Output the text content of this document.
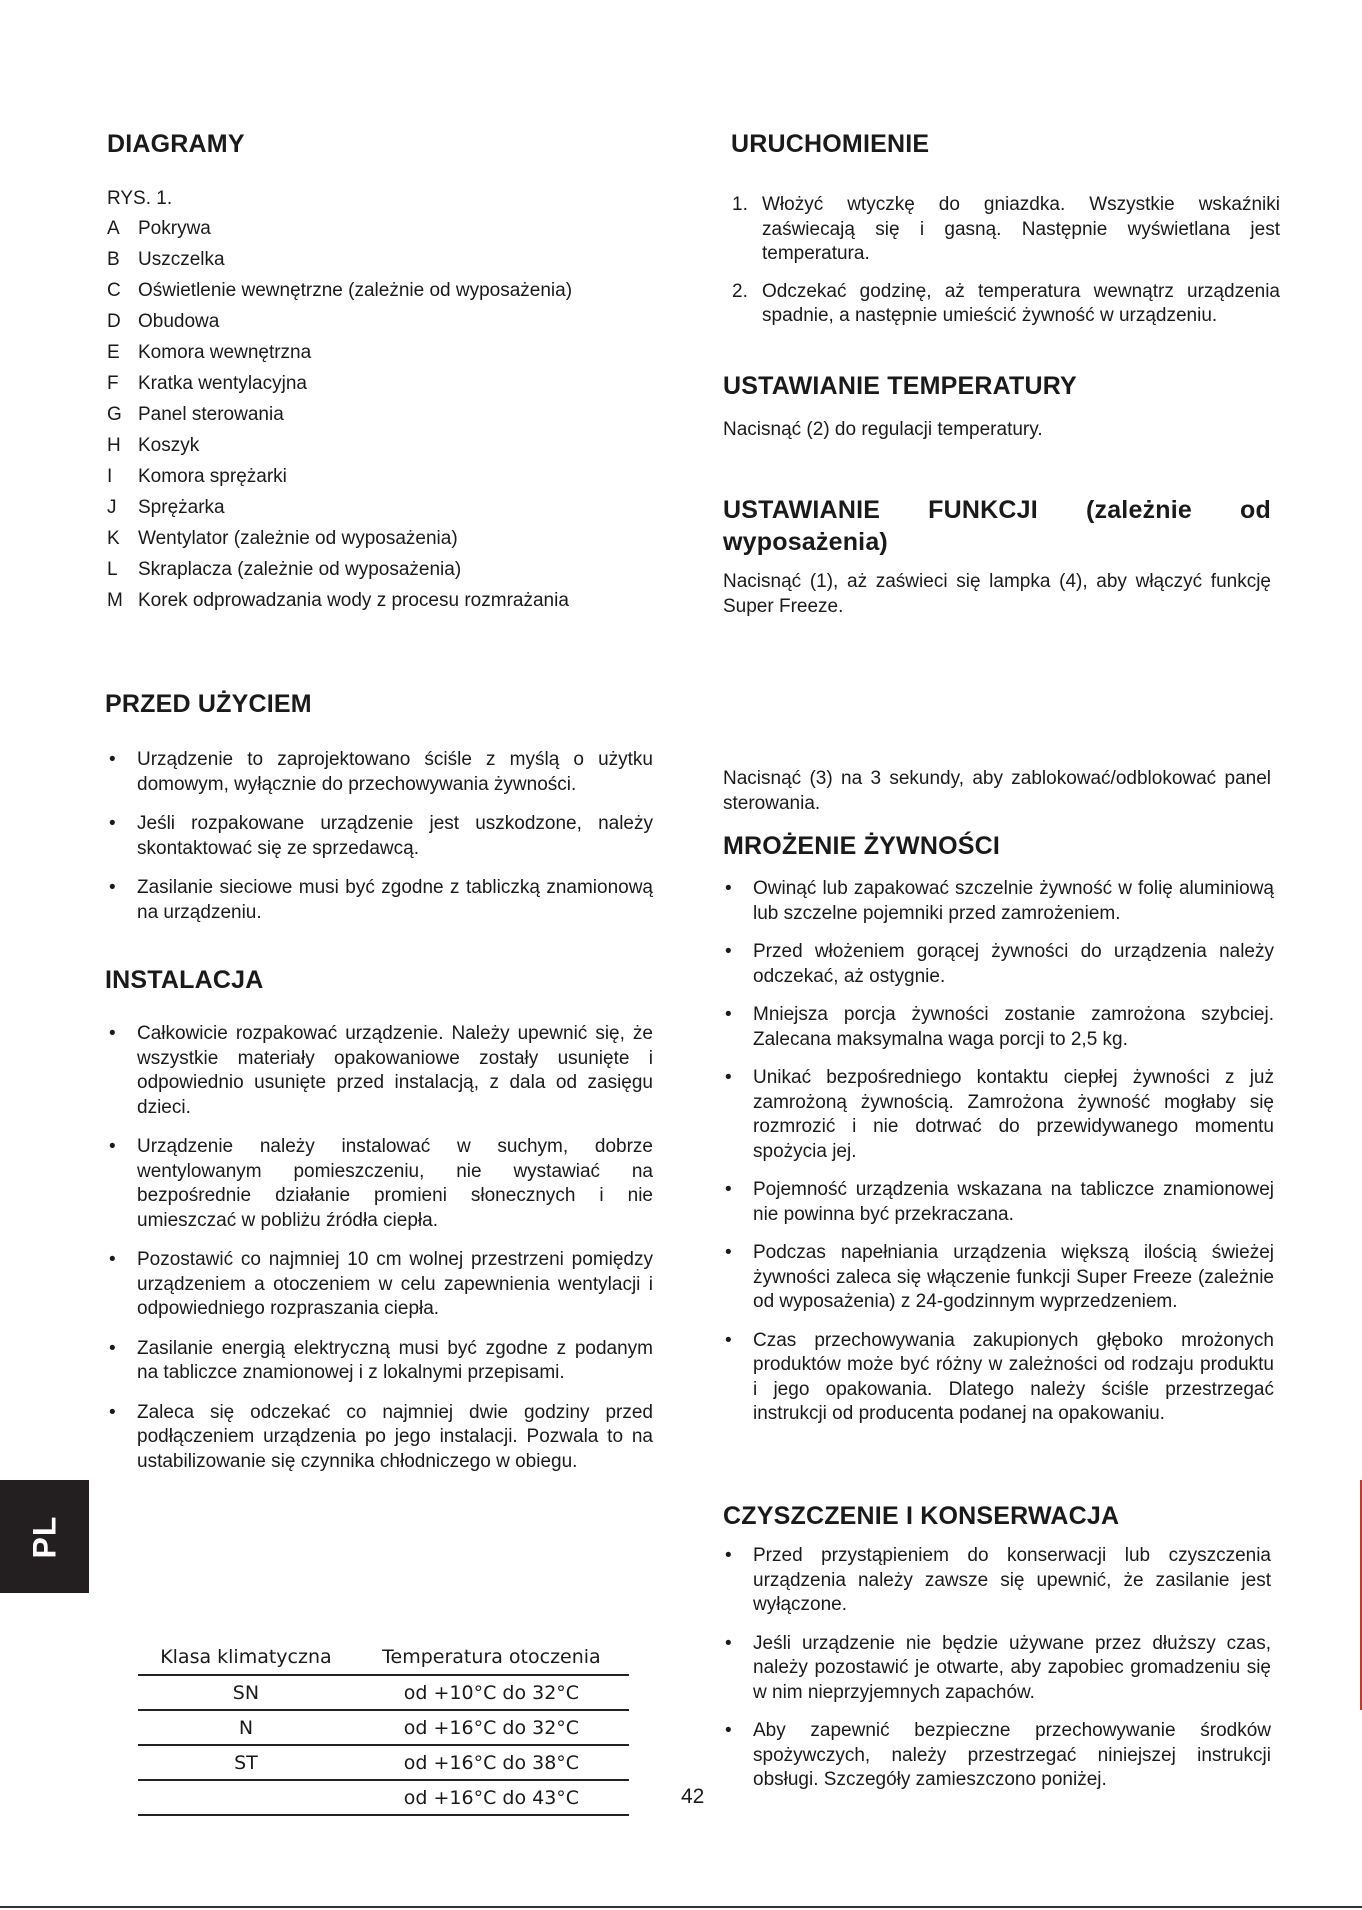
DIAGRAMY
RYS. 1.
A Pokrywa
B Uszczelka
C Oświetlenie wewnętrzne (zależnie od wyposażenia)
D Obudowa
E Komora wewnętrzna
F Kratka wentylacyjna
G Panel sterowania
H Koszyk
I Komora sprężarki
J Sprężarka
K Wentylator (zależnie od wyposażenia)
L Skraplacza (zależnie od wyposażenia)
M Korek odprowadzania wody z procesu rozmrażania
PRZED UŻYCIEM
• Urządzenie to zaprojektowano ściśle z myślą o użytku domowym, wyłącznie do przechowywania żywności.
• Jeśli rozpakowane urządzenie jest uszkodzone, należy skontaktować się ze sprzedawcą.
• Zasilanie sieciowe musi być zgodne z tabliczką znamionową na urządzeniu.
INSTALACJA
• Całkowicie rozpakować urządzenie. Należy upewnić się, że wszystkie materiały opakowaniowe zostały usunięte i odpowiednio usunięte przed instalacją, z dala od zasięgu dzieci.
• Urządzenie należy instalować w suchym, dobrze wentylowanym pomieszczeniu, nie wystawiać na bezpośrednie działanie promieni słonecznych i nie umieszczać w pobliżu źródła ciepła.
• Pozostawić co najmniej 10 cm wolnej przestrzeni pomiędzy urządzeniem a otoczeniem w celu zapewnienia wentylacji i odpowiedniego rozpraszania ciepła.
• Zasilanie energią elektryczną musi być zgodne z podanym na tabliczce znamionowej i z lokalnymi przepisami.
• Zaleca się odczekać co najmniej dwie godziny przed podłączeniem urządzenia po jego instalacji. Pozwala to na ustabilizowanie się czynnika chłodniczego w obiegu.
PL
Klasa klimatyczna	Temperatura otoczenia
SN	od +10°C do 32°C
N	od +16°C do 32°C
ST	od +16°C do 38°C
	od +16°C do 43°C	42
URUCHOMIENIE
1. Włożyć wtyczkę do gniazdka. Wszystkie wskaźniki zaświecają się i gasną. Następnie wyświetlana jest temperatura.
2. Odczekać godzinę, aż temperatura wewnątrz urządzenia spadnie, a następnie umieścić żywność w urządzeniu.
USTAWIANIE TEMPERATURY
Nacisnąć (2) do regulacji temperatury.
USTAWIANIE FUNKCJI (zależnie od wyposażenia)
Nacisnąć (1), aż zaświeci się lampka (4), aby włączyć funkcję Super Freeze.
Nacisnąć (3) na 3 sekundy, aby zablokować/odblokować panel sterowania.
MROŻENIE ŻYWNOŚCI
• Owinąć lub zapakować szczelnie żywność w folię aluminiową lub szczelne pojemniki przed zamrożeniem.
• Przed włożeniem gorącej żywności do urządzenia należy odczekać, aż ostygnie.
• Mniejsza porcja żywności zostanie zamrożona szybciej. Zalecana maksymalna waga porcji to 2,5 kg.
• Unikać bezpośredniego kontaktu ciepłej żywności z już zamrożoną żywnością. Zamrożona żywność mogłaby się rozmrozić i nie dotrwać do przewidywanego momentu spożycia jej.
• Pojemność urządzenia wskazana na tabliczce znamionowej nie powinna być przekraczana.
• Podczas napełniania urządzenia większą ilością świeżej żywności zaleca się włączenie funkcji Super Freeze (zależnie od wyposażenia) z 24-godzinnym wyprzedzeniem.
• Czas przechowywania zakupionych głęboko mrożonych produktów może być różny w zależności od rodzaju produktu i jego opakowania. Dlatego należy ściśle przestrzegać instrukcji od producenta podanej na opakowaniu.
CZYSZCZENIE I KONSERWACJA
• Przed przystąpieniem do konserwacji lub czyszczenia urządzenia należy zawsze się upewnić, że zasilanie jest wyłączone.
• Jeśli urządzenie nie będzie używane przez dłuższy czas, należy pozostawić je otwarte, aby zapobiec gromadzeniu się w nim nieprzyjemnych zapachów.
• Aby zapewnić bezpieczne przechowywanie środków spożywczych, należy przestrzegać niniejszej instrukcji obsługi. Szczegóły zamieszczono poniżej.
